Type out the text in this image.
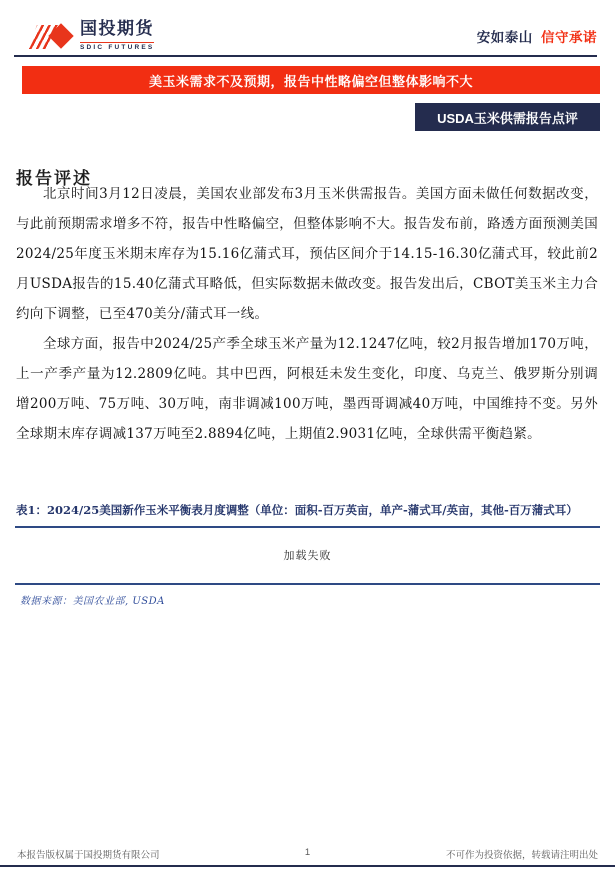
国投期货
SDIC FUTURES
安如泰山 信守承诺
美玉米需求不及预期，报告中性略偏空但整体影响不大
USDA玉米供需报告点评
报告评述

北京时间3月12日凌晨，美国农业部发布3月玉米供需报告。美国方面未做任何数据改变，与此前预期需求增多不符，报告中性略偏空，但整体影响不大。报告发布前，路透方面预测美国2024/25年度玉米期末库存为15.16亿蒲式耳，预估区间介于14.15-16.30亿蒲式耳，较此前2月USDA报告的15.40亿蒲式耳略低，但实际数据未做改变。报告发出后，CBOT美玉米主力合约向下调整，已至470美分/蒲式耳一线。

全球方面，报告中2024/25产季全球玉米产量为12.1247亿吨，较2月报告增加170万吨，上一产季产量为12.2809亿吨。其中巴西，阿根廷未发生变化，印度、乌克兰、俄罗斯分别调增200万吨、75万吨、30万吨，南非调减100万吨，墨西哥调减40万吨，中国维持不变。另外全球期末库存调减137万吨至2.8894亿吨，上期值2.9031亿吨，全球供需平衡趋紧。

表1：2024/25美国新作玉米平衡表月度调整（单位：面积-百万英亩，单产-蒲式耳/英亩，其他-百万蒲式耳）
加载失败
数据来源：美国农业部, USDA
本报告版权属于国投期货有限公司	1	不可作为投资依据，转载请注明出处
